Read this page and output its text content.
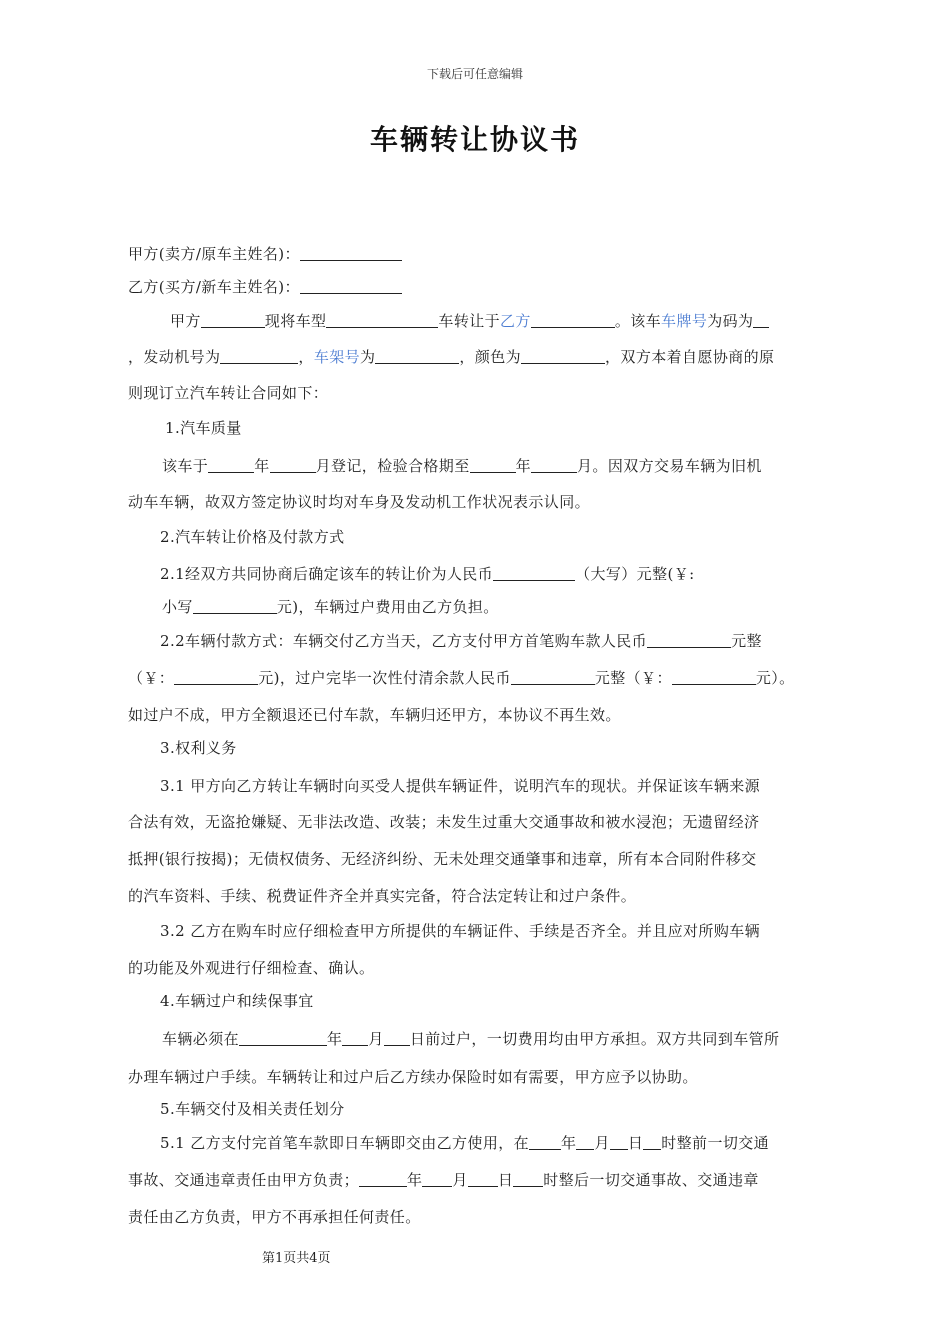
下载后可任意编辑
车辆转让协议书
甲方(卖方/原车主姓名)：
乙方(买方/新车主姓名)：
甲方	现将车型	车转让于乙方	。该车车牌号为码为
，发动机号为	，车架号为	，颜色为	，双方本着自愿协商的原
则现订立汽车转让合同如下：
1.汽车质量
该车于	年	月登记，检验合格期至	年	月。因双方交易车辆为旧机
动车车辆，故双方签定协议时均对车身及发动机工作状况表示认同。
2.汽车转让价格及付款方式
2.1经双方共同协商后确定该车的转让价为人民币	（大写）元整(￥:
小写	元)，车辆过户费用由乙方负担。
2.2车辆付款方式：车辆交付乙方当天，乙方支付甲方首笔购车款人民币	元整
（￥：	元)，过户完毕一次性付清余款人民币	元整（￥：	元）。
如过户不成，甲方全额退还已付车款，车辆归还甲方，本协议不再生效。
3.权利义务
3.1 甲方向乙方转让车辆时向买受人提供车辆证件，说明汽车的现状。并保证该车辆来源
合法有效，无盗抢嫌疑、无非法改造、改装；未发生过重大交通事故和被水浸泡；无遗留经济
抵押(银行按揭)；无债权债务、无经济纠纷、无未处理交通肇事和违章，所有本合同附件移交
的汽车资料、手续、税费证件齐全并真实完备，符合法定转让和过户条件。
3.2 乙方在购车时应仔细检查甲方所提供的车辆证件、手续是否齐全。并且应对所购车辆
的功能及外观进行仔细检查、确认。
4.车辆过户和续保事宜
车辆必须在	年 月 日前过户，一切费用均由甲方承担。双方共同到车管所
办理车辆过户手续。车辆转让和过户后乙方续办保险时如有需要，甲方应予以协助。
5.车辆交付及相关责任划分
5.1 乙方支付完首笔车款即日车辆即交由乙方使用，在 年 月 日 时整前一切交通
事故、交通违章责任由甲方负责；	年 月 日 时整后一切交通事故、交通违章
责任由乙方负责，甲方不再承担任何责任。
第1页共4页
